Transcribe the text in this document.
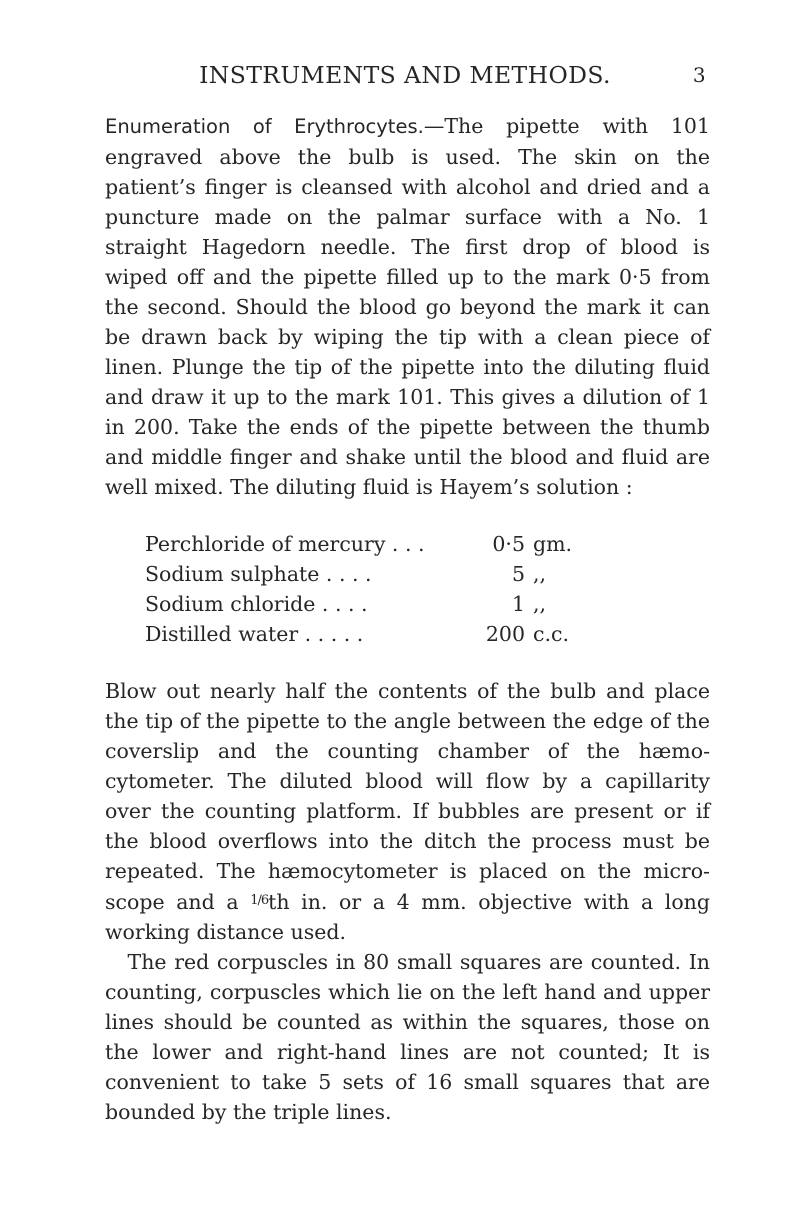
INSTRUMENTS AND METHODS.	3

Enumeration of Erythrocytes.—The pipette with 101 engraved above the bulb is used. The skin on the patient’s finger is cleansed with alcohol and dried and a puncture made on the palmar surface with a No. 1 straight Hagedorn needle. The first drop of blood is wiped off and the pipette filled up to the mark 0·5 from the second. Should the blood go beyond the mark it can be drawn back by wiping the tip with a clean piece of linen. Plunge the tip of the pipette into the diluting fluid and draw it up to the mark 101. This gives a dilution of 1 in 200. Take the ends of the pipette between the thumb and middle finger and shake until the blood and fluid are well mixed. The diluting fluid is Hayem’s solution :

Perchloride of mercury . . .	0·5 gm.
Sodium sulphate . . . .	5 ,,
Sodium chloride . . . .	1 ,,
Distilled water . . . . .	200 c.c.

Blow out nearly half the contents of the bulb and place the tip of the pipette to the angle between the edge of the coverslip and the counting chamber of the hæmo-cytometer. The diluted blood will flow by a capillarity over the counting platform. If bubbles are present or if the blood overflows into the ditch the process must be repeated. The hæmocytometer is placed on the micro-scope and a 1/6th in. or a 4 mm. objective with a long working distance used.

The red corpuscles in 80 small squares are counted. In counting, corpuscles which lie on the left hand and upper lines should be counted as within the squares, those on the lower and right-hand lines are not counted; It is convenient to take 5 sets of 16 small squares that are bounded by the triple lines.
